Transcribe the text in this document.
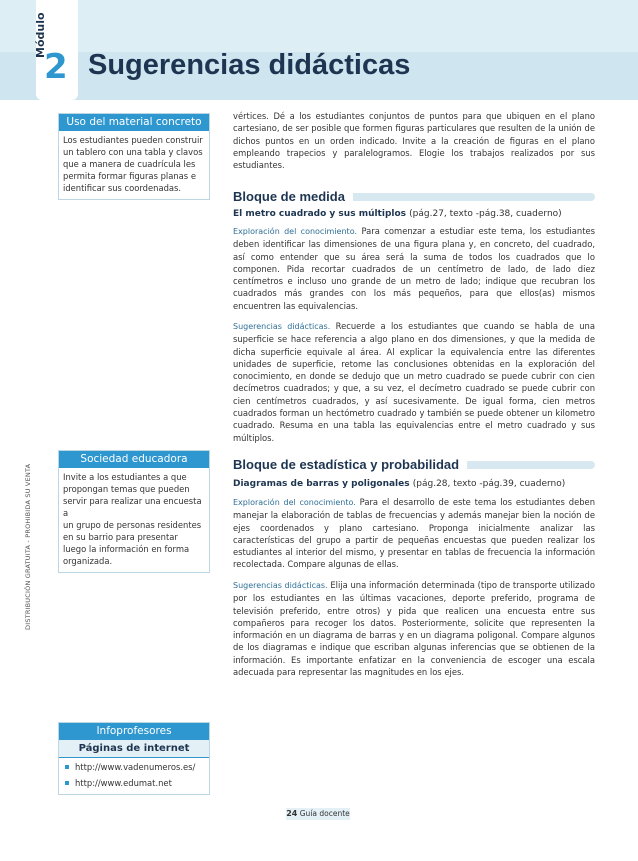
Módulo
2 Sugerencias didácticas
DISTRIBUCIÓN GRATUITA - PROHIBIDA SU VENTA
Uso del material concreto
Los estudiantes pueden construir
un tablero con una tabla y clavos
que a manera de cuadrícula les
permita formar figuras planas e
identificar sus coordenadas.
Sociedad educadora
Invite a los estudiantes a que
propongan temas que pueden
servir para realizar una encuesta a
un grupo de personas residentes
en su barrio para presentar
luego la información en forma
organizada.
Infoprofesores
Páginas de internet
http://www.vadenumeros.es/
http://www.edumat.net
vértices. Dé a los estudiantes conjuntos de puntos para que ubiquen en el plano cartesiano, de ser posible que formen figuras particulares que resulten de la unión de dichos puntos en un orden indicado. Invite a la creación de figuras en el plano empleando trapecios y paralelogramos. Elogie los trabajos realizados por sus estudiantes.
Bloque de medida
El metro cuadrado y sus múltiplos (pág.27, texto -pág.38, cuaderno)
Exploración del conocimiento. Para comenzar a estudiar este tema, los estudiantes deben identificar las dimensiones de una figura plana y, en concreto, del cuadrado, así como entender que su área será la suma de todos los cuadrados que lo componen. Pida recortar cuadrados de un centímetro de lado, de lado diez centímetros e incluso uno grande de un metro de lado; indique que recubran los cuadrados más grandes con los más pequeños, para que ellos(as) mismos encuentren las equivalencias.
Sugerencias didácticas. Recuerde a los estudiantes que cuando se habla de una superficie se hace referencia a algo plano en dos dimensiones, y que la medida de dicha superficie equivale al área. Al explicar la equivalencia entre las diferentes unidades de superficie, retome las conclusiones obtenidas en la exploración del conocimiento, en donde se dedujo que un metro cuadrado se puede cubrir con cien decímetros cuadrados; y que, a su vez, el decímetro cuadrado se puede cubrir con cien centímetros cuadrados, y así sucesivamente. De igual forma, cien metros cuadrados forman un hectómetro cuadrado y también se puede obtener un kilometro cuadrado. Resuma en una tabla las equivalencias entre el metro cuadrado y sus múltiplos.
Bloque de estadística y probabilidad
Diagramas de barras y poligonales (pág.28, texto -pág.39, cuaderno)
Exploración del conocimiento. Para el desarrollo de este tema los estudiantes deben manejar la elaboración de tablas de frecuencias y además manejar bien la noción de ejes coordenados y plano cartesiano. Proponga inicialmente analizar las características del grupo a partir de pequeñas encuestas que pueden realizar los estudiantes al interior del mismo, y presentar en tablas de frecuencia la información recolectada. Compare algunas de ellas.
Sugerencias didácticas. Elija una información determinada (tipo de transporte utilizado por los estudiantes en las últimas vacaciones, deporte preferido, programa de televisión preferido, entre otros) y pida que realicen una encuesta entre sus compañeros para recoger los datos. Posteriormente, solicite que representen la información en un diagrama de barras y en un diagrama poligonal. Compare algunos de los diagramas e indique que escriban algunas inferencias que se obtienen de la información. Es importante enfatizar en la conveniencia de escoger una escala adecuada para representar las magnitudes en los ejes.
24 Guía docente
